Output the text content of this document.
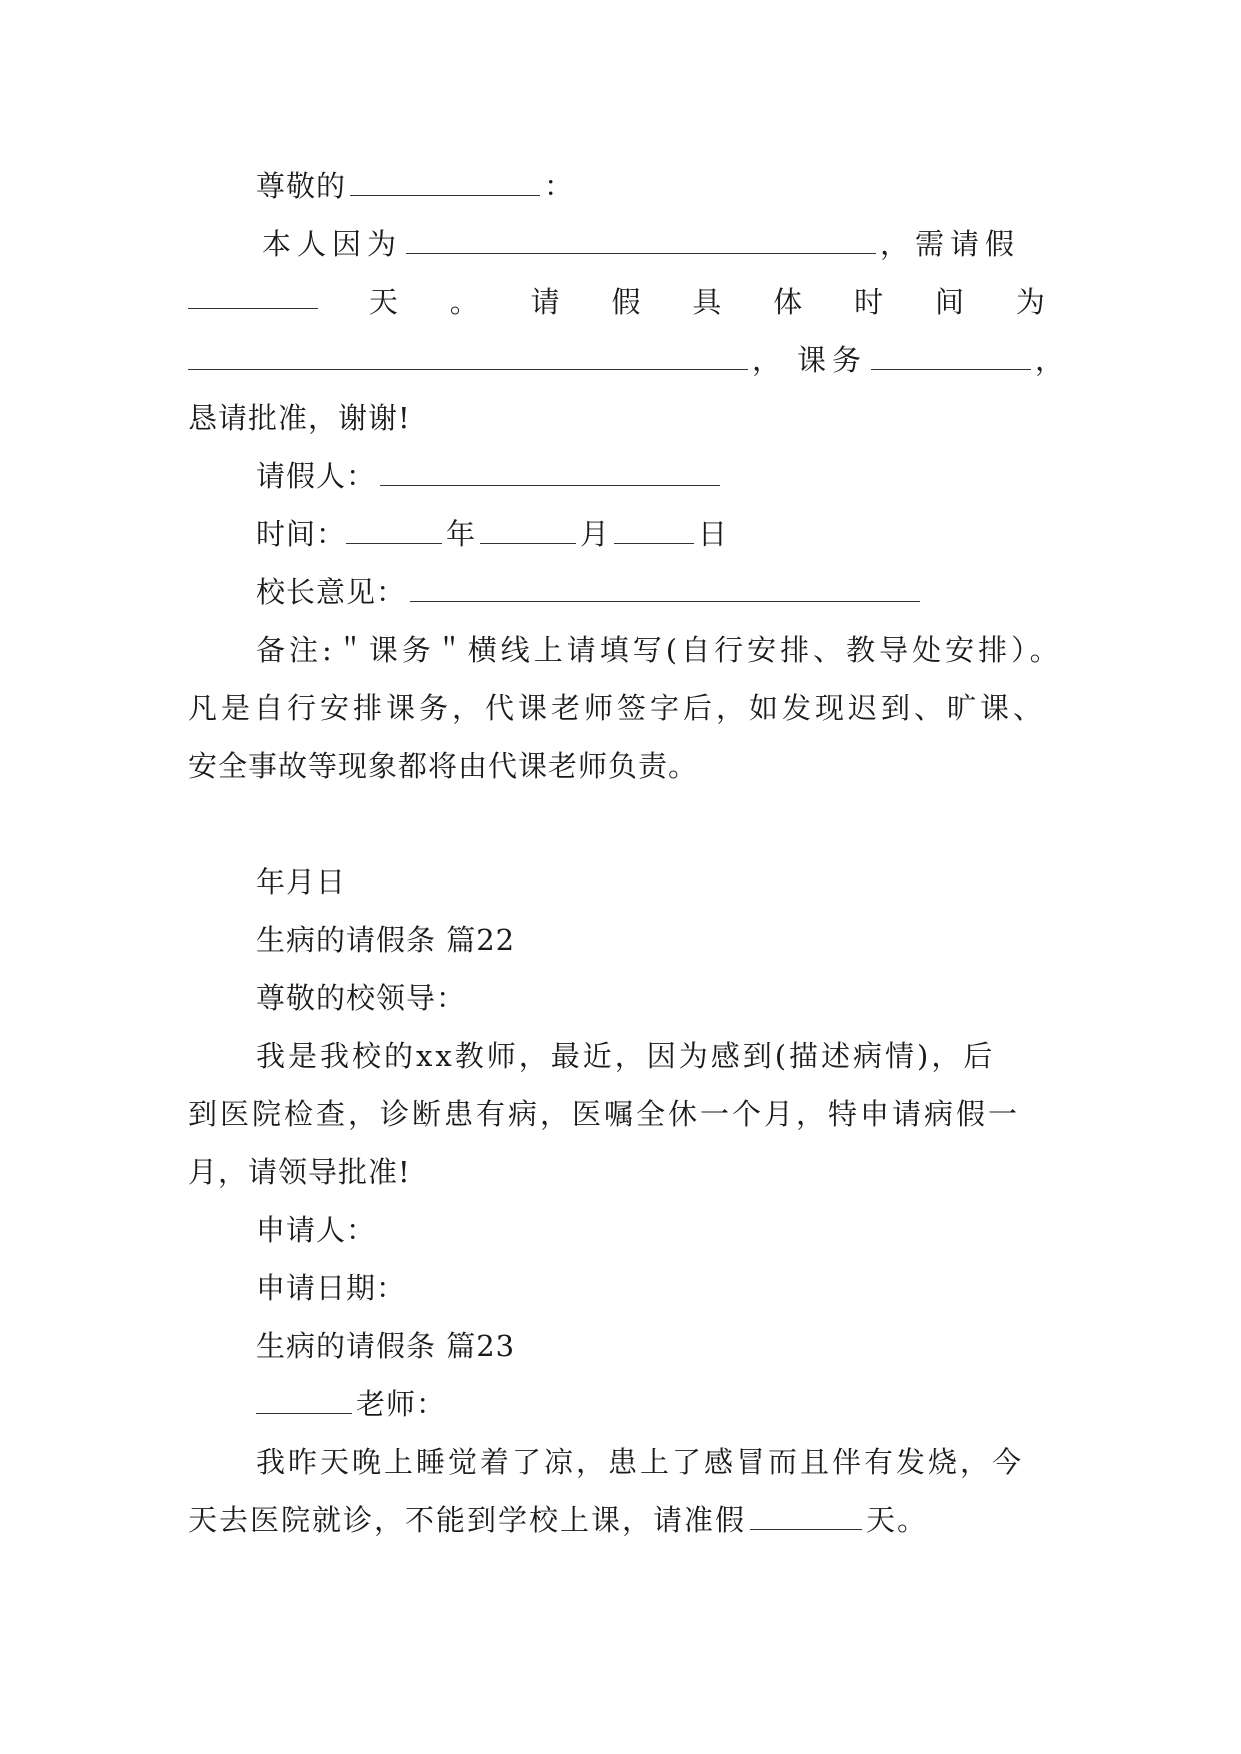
尊敬的	：
本人因为	，需请假
天 。 请 假 具 体 时 间 为
， 课务	，
恳请批准，谢谢!
请假人：
时间：	年	月	日
校长意见：
备注:＂课务＂横线上请填写(自行安排、教导处安排）。
凡是自行安排课务，代课老师签字后，如发现迟到、旷课、
安全事故等现象都将由代课老师负责。
年月日
生病的请假条 篇22
尊敬的校领导：
我是我校的xx教师，最近，因为感到(描述病情)，后
到医院检查，诊断患有病，医嘱全休一个月，特申请病假一
月，请领导批准!
申请人：
申请日期：
生病的请假条 篇23
老师：
我昨天晚上睡觉着了凉，患上了感冒而且伴有发烧，今
天去医院就诊，不能到学校上课，请准假	天。
